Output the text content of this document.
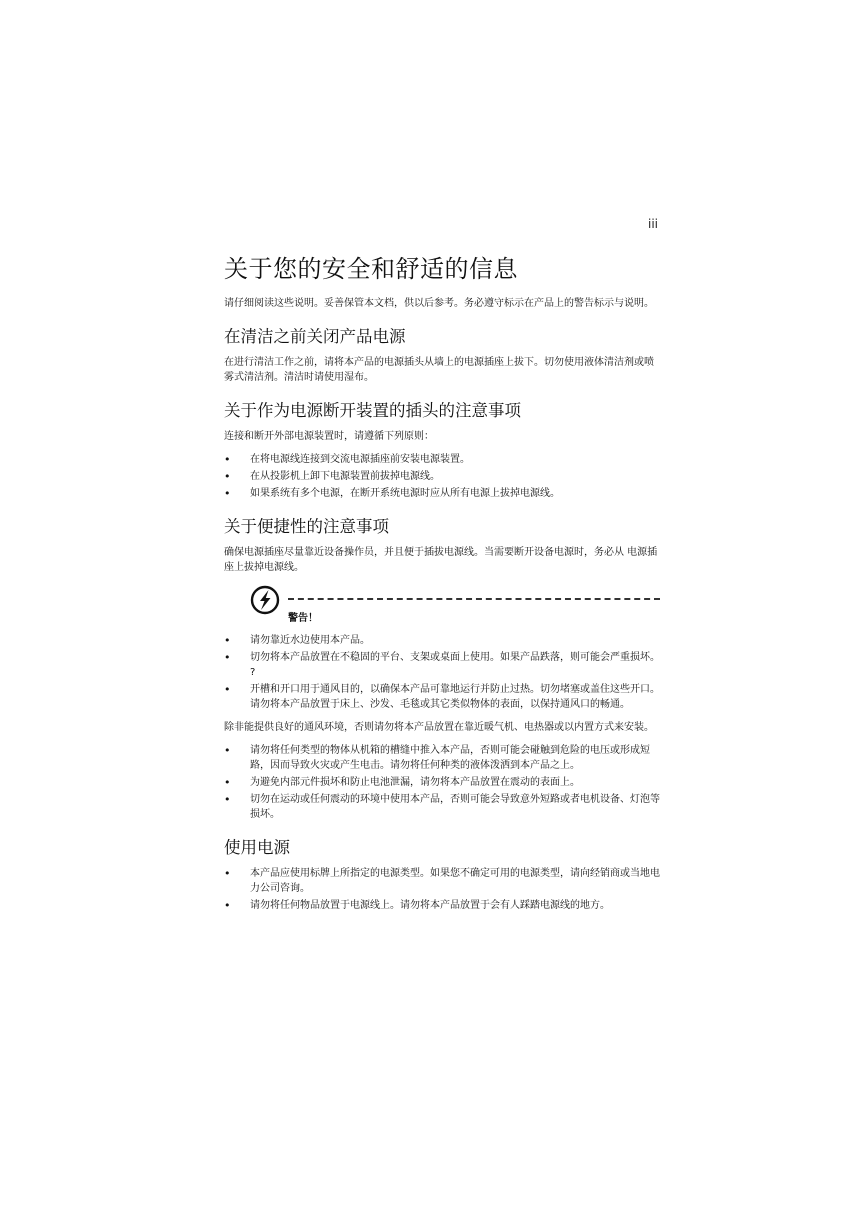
iii
关于您的安全和舒适的信息

请仔细阅读这些说明。妥善保管本文档，供以后参考。务必遵守标示在产品上的警告标示与说明。

在清洁之前关闭产品电源

在进行清洁工作之前，请将本产品的电源插头从墙上的电源插座上拔下。切勿使用液体清洁剂或喷雾式清洁剂。清洁时请使用湿布。

关于作为电源断开装置的插头的注意事项

连接和断开外部电源装置时，请遵循下列原则：

• 在将电源线连接到交流电源插座前安装电源装置。
• 在从投影机上卸下电源装置前拔掉电源线。
• 如果系统有多个电源，在断开系统电源时应从所有电源上拔掉电源线。
关于便捷性的注意事项

确保电源插座尽量靠近设备操作员，并且便于插拔电源线。当需要断开设备电源时，务必从 电源插座上拔掉电源线。

警告！
• 请勿靠近水边使用本产品。
• 切勿将本产品放置在不稳固的平台、支架或桌面上使用。如果产品跌落，则可能会严重损坏。 ?
• 开槽和开口用于通风目的，以确保本产品可靠地运行并防止过热。切勿堵塞或盖住这些开口。请勿将本产品放置于床上、沙发、毛毯或其它类似物体的表面，以保持通风口的畅通。

除非能提供良好的通风环境，否则请勿将本产品放置在靠近暖气机、电热器或以内置方式来安装。

• 请勿将任何类型的物体从机箱的槽缝中推入本产品，否则可能会碰触到危险的电压或形成短路，因而导致火灾或产生电击。请勿将任何种类的液体泼洒到本产品之上。
• 为避免内部元件损坏和防止电池泄漏，请勿将本产品放置在震动的表面上。
• 切勿在运动或任何震动的环境中使用本产品，否则可能会导致意外短路或者电机设备、灯泡等损坏。
使用电源
• 本产品应使用标牌上所指定的电源类型。如果您不确定可用的电源类型，请向经销商或当地电力公司咨询。
• 请勿将任何物品放置于电源线上。请勿将本产品放置于会有人踩踏电源线的地方。
